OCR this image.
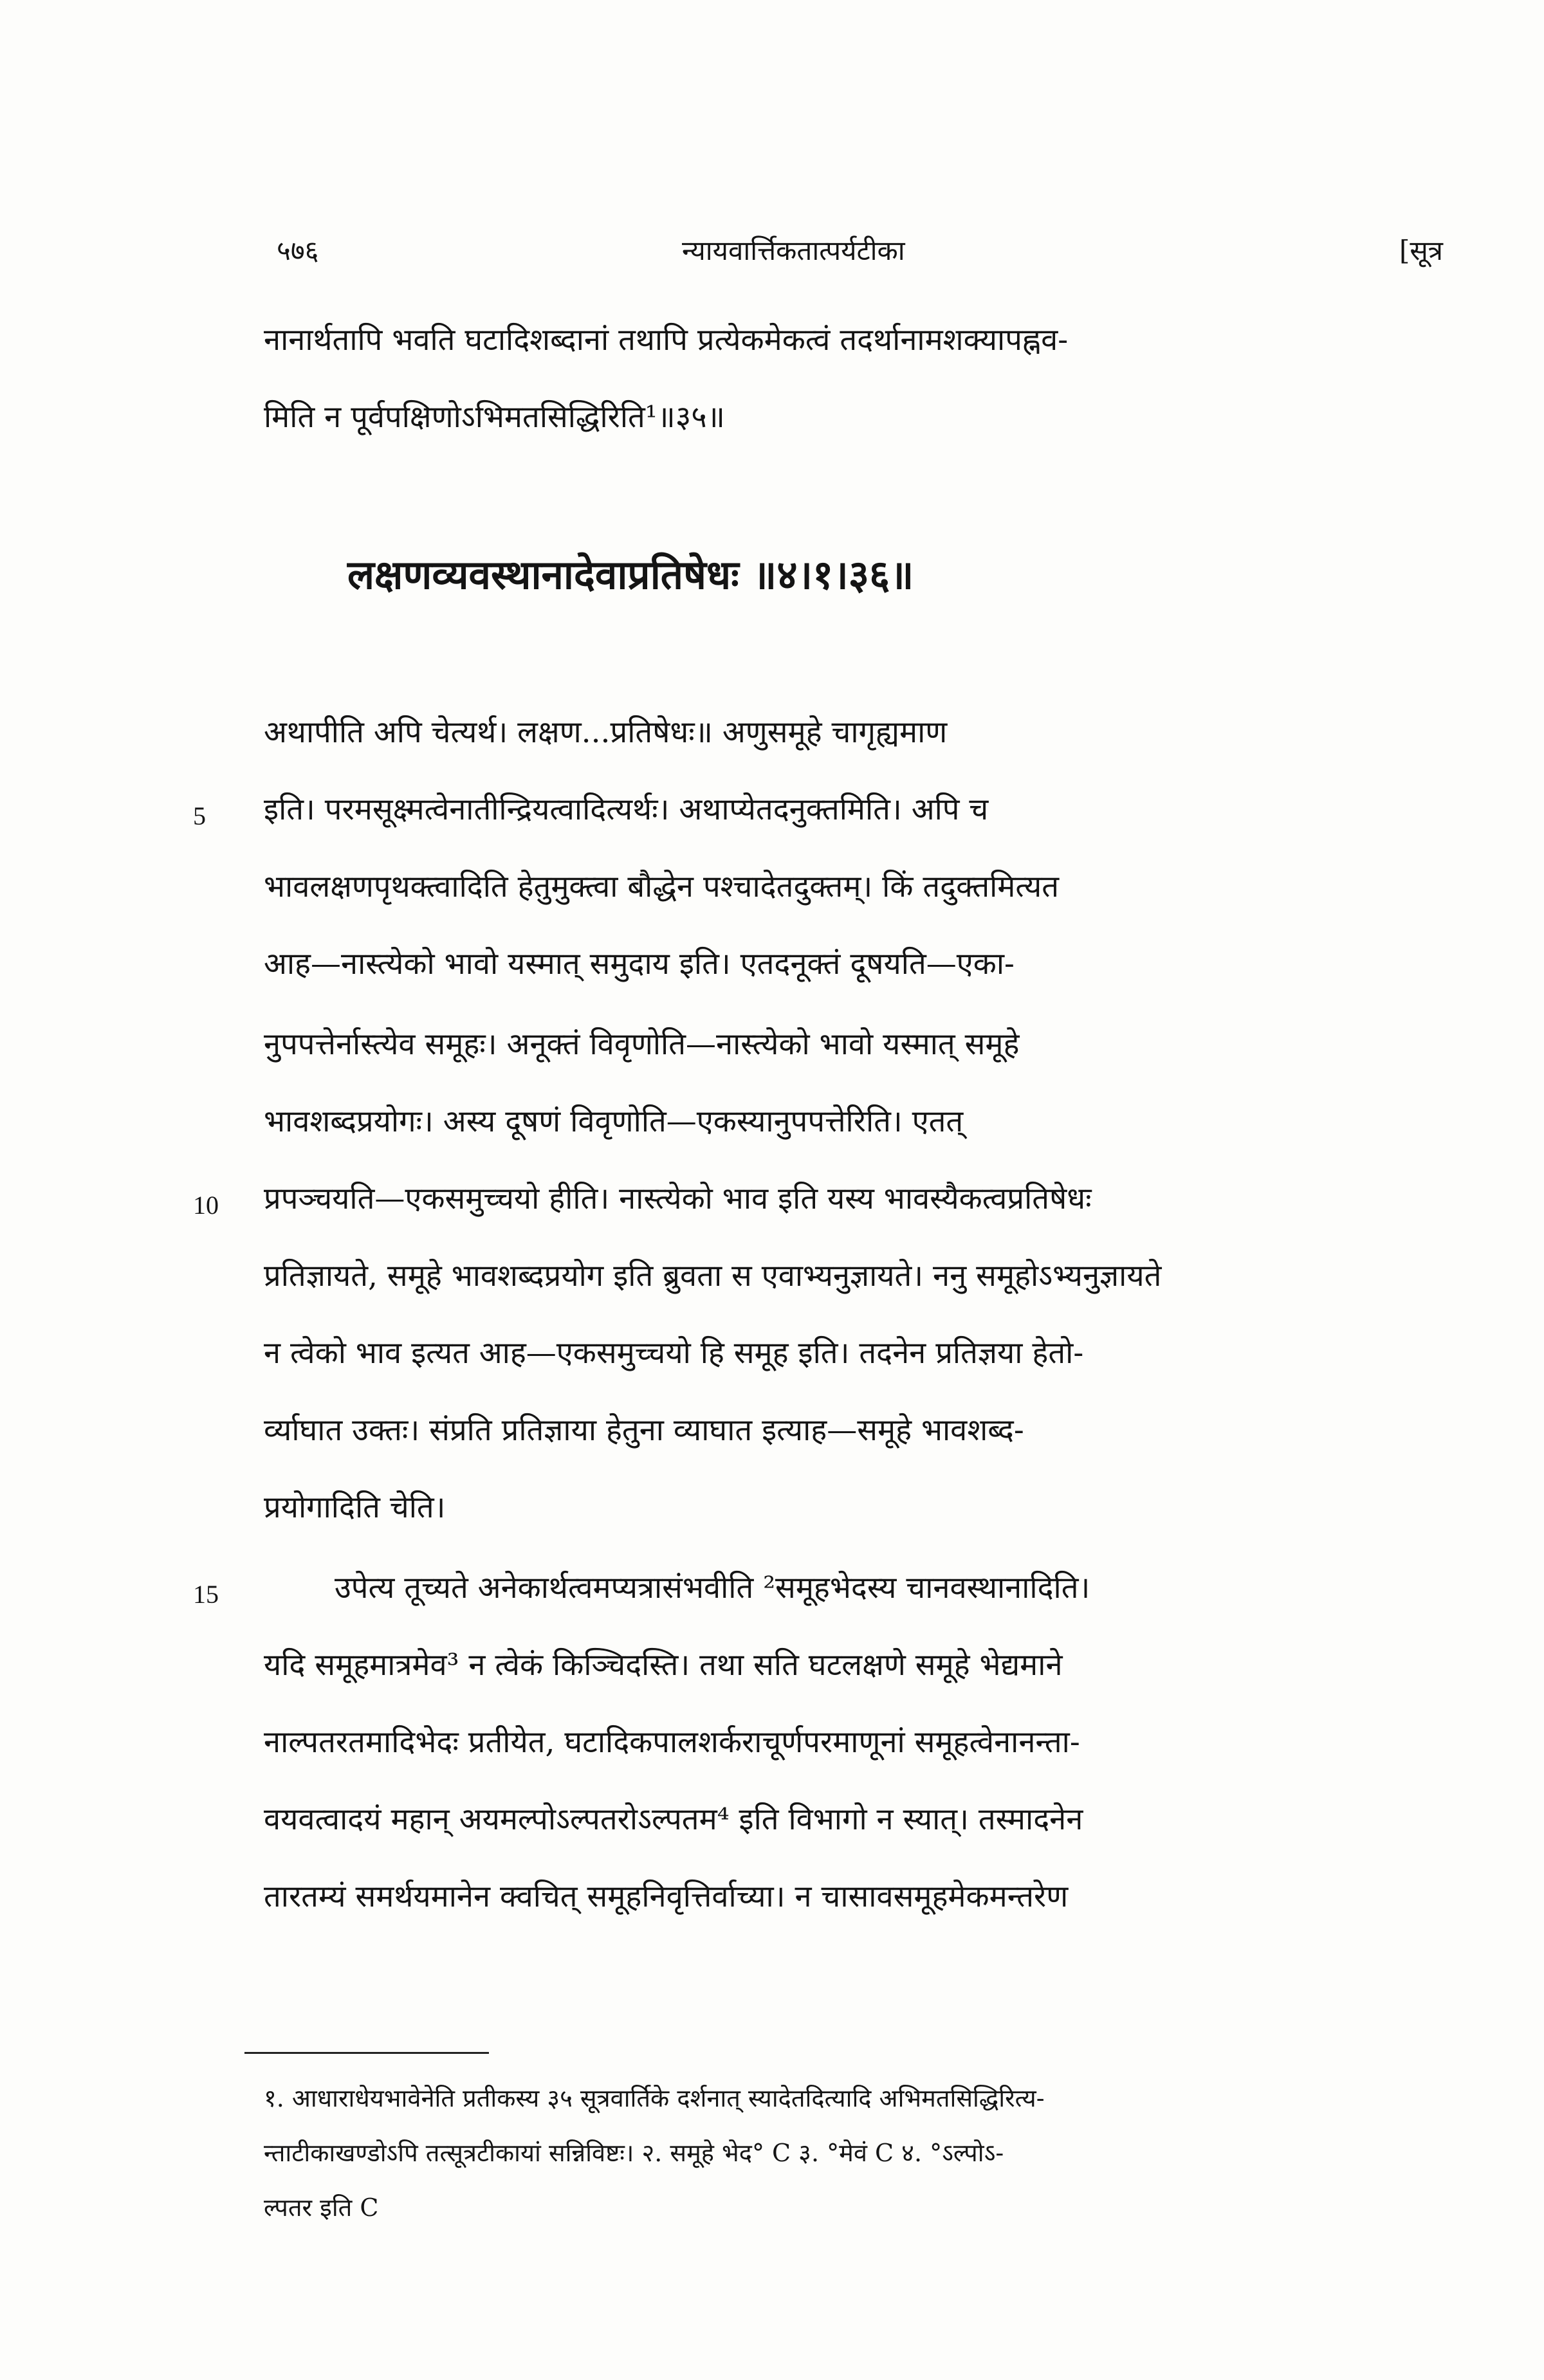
५७६	न्यायवार्त्तिकतात्पर्यटीका	[सूत्र
नानार्थतापि भवति घटादिशब्दानां तथापि प्रत्येकमेकत्वं तदर्थानामशक्यापह्नव-
मिति न पूर्वपक्षिणोऽभिमतसिद्धिरिति¹॥३५॥
लक्षणव्यवस्थानादेवाप्रतिषेधः ॥४।१।३६॥
अथापीति अपि चेत्यर्थ। लक्षण...प्रतिषेधः॥ अणुसमूहे चागृह्यमाण
5 इति। परमसूक्ष्मत्वेनातीन्द्रियत्वादित्यर्थः। अथाप्येतदनुक्तमिति। अपि च
भावलक्षणपृथक्त्वादिति हेतुमुक्त्वा बौद्धेन पश्चादेतदुक्तम्। किं तदुक्तमित्यत
आह—नास्त्येको भावो यस्मात् समुदाय इति। एतदनूक्तं दूषयति—एका-
नुपपत्तेर्नास्त्येव समूहः। अनूक्तं विवृणोति—नास्त्येको भावो यस्मात् समूहे
भावशब्दप्रयोगः। अस्य दूषणं विवृणोति—एकस्यानुपपत्तेरिति। एतत्
10 प्रपञ्चयति—एकसमुच्चयो हीति। नास्त्येको भाव इति यस्य भावस्यैकत्वप्रतिषेधः
प्रतिज्ञायते, समूहे भावशब्दप्रयोग इति ब्रुवता स एवाभ्यनुज्ञायते। ननु समूहोऽभ्यनुज्ञायते
न त्वेको भाव इत्यत आह—एकसमुच्चयो हि समूह इति। तदनेन प्रतिज्ञया हेतो-
र्व्याघात उक्तः। संप्रति प्रतिज्ञाया हेतुना व्याघात इत्याह—समूहे भावशब्द-
प्रयोगादिति चेति।
15	उपेत्य तूच्यते अनेकार्थत्वमप्यत्रासंभवीति ²समूहभेदस्य चानवस्थानादिति।
यदि समूहमात्रमेव³ न त्वेकं किञ्चिदस्ति। तथा सति घटलक्षणे समूहे भेद्यमाने
नाल्पतरतमादिभेदः प्रतीयेत, घटादिकपालशर्कराचूर्णपरमाणूनां समूहत्वेनानन्ता-
वयवत्वादयं महान् अयमल्पोऽल्पतरोऽल्पतम⁴ इति विभागो न स्यात्। तस्मादनेन
तारतम्यं समर्थयमानेन क्वचित् समूहनिवृत्तिर्वाच्या। न चासावसमूहमेकमन्तरेण
१. आधाराधेयभावेनेति प्रतीकस्य ३५ सूत्रवार्तिके दर्शनात् स्यादेतदित्यादि अभिमतसिद्धिरित्य-
न्ताटीकाखण्डोऽपि तत्सूत्रटीकायां सन्निविष्टः। २. समूहे भेद° C ३. °मेवं C ४. °ऽल्पोऽ-
ल्पतर इति C
